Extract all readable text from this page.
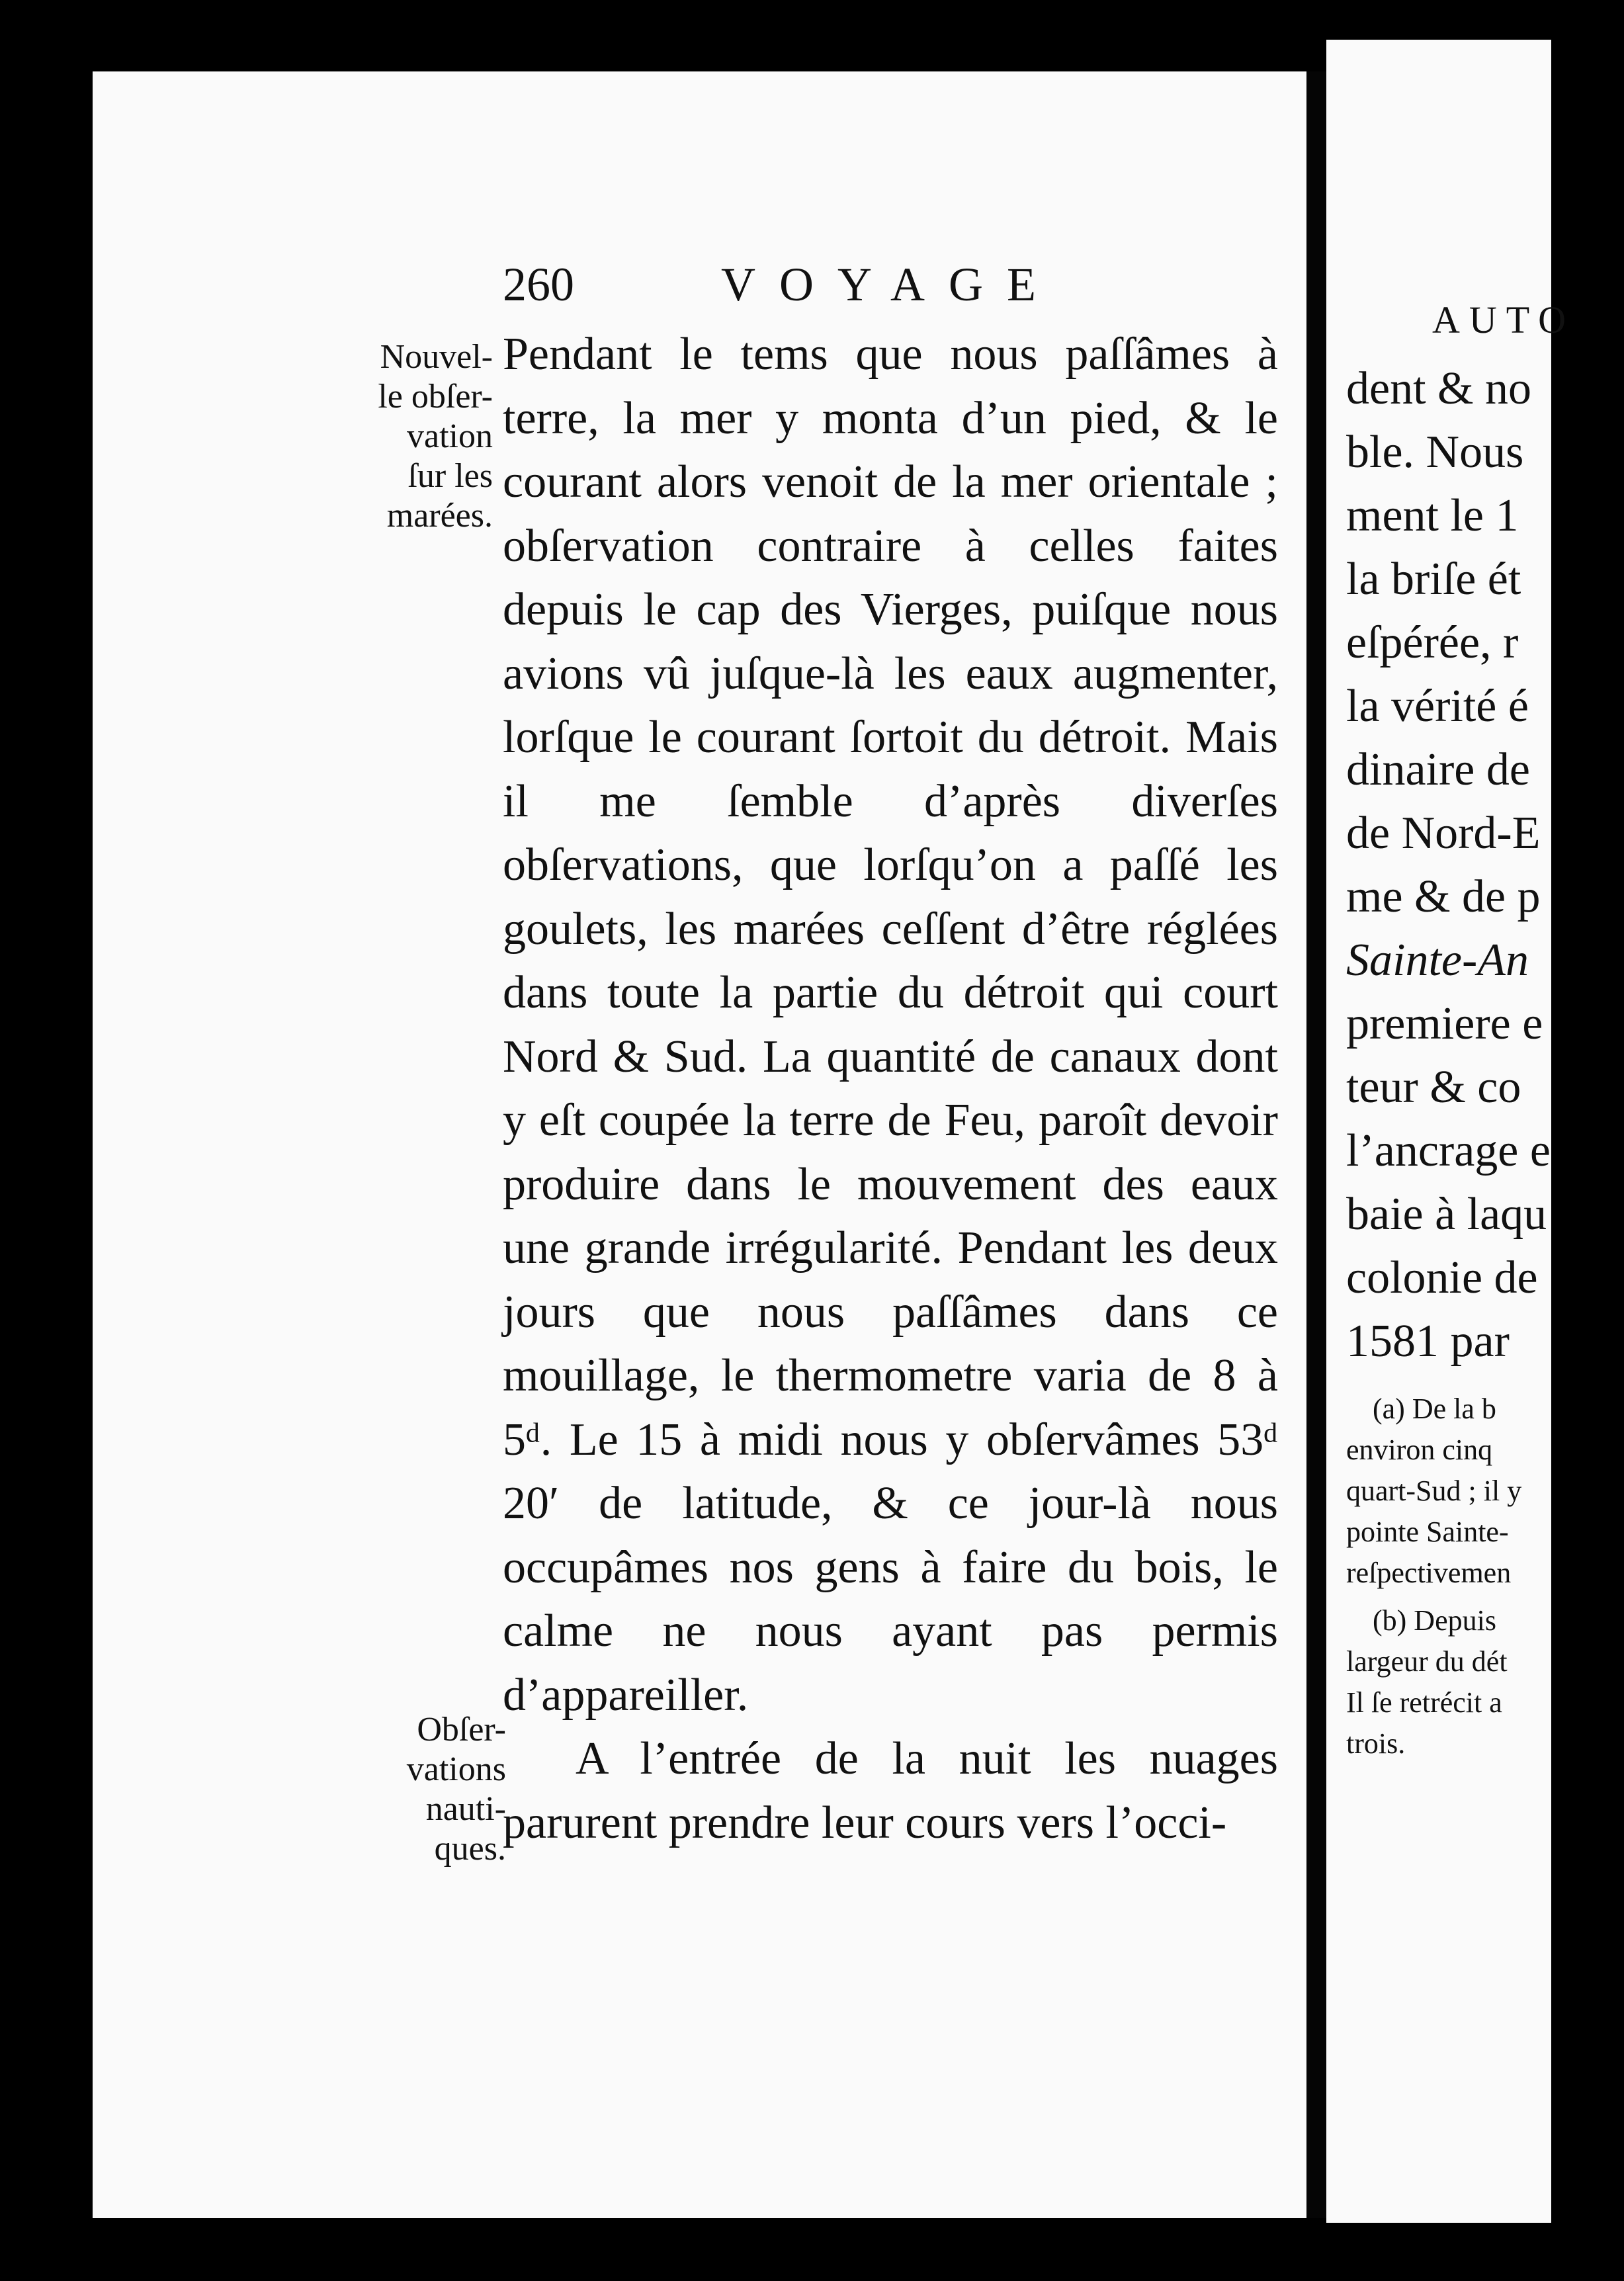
260	VOYAGE
Nouvel-
le obſer-
vation
ſur les
marées.
Obſer-
vations
nauti-
ques.

Pendant le tems que nous paſſâmes à terre, la mer y monta d’un pied, & le courant alors venoit de la mer orientale ; obſervation contraire à celles faites depuis le cap des Vierges, puiſque nous avions vû juſque-là les eaux augmenter, lorſque le courant ſortoit du détroit. Mais il me ſemble d’après diverſes obſervations, que lorſqu’on a paſſé les goulets, les marées ceſſent d’être réglées dans toute la partie du détroit qui court Nord & Sud. La quantité de canaux dont y eſt coupée la terre de Feu, paroît devoir produire dans le mouvement des eaux une grande irrégularité. Pendant les deux jours que nous paſſâmes dans ce mouillage, le thermometre varia de 8 à 5ᵈ. Le 15 à midi nous y obſervâmes 53ᵈ 20′ de latitude, & ce jour-là nous occupâmes nos gens à faire du bois, le calme ne nous ayant pas permis d’appareiller.

A l’entrée de la nuit les nuages parurent prendre leur cours vers l’occi-

AUTO
dent & no
ble. Nous
ment le 1
la briſe ét
eſpérée, r
la vérité é
dinaire de
de Nord-E
me & de p
Sainte-An
premiere e
teur & co
l’ancrage e
baie à laqu
colonie de
1581 par
(a) De la b
environ cinq
quart-Sud ; il y
pointe Sainte-
reſpectivemen
(b) Depuis
largeur du dét
Il ſe retrécit a
trois.
